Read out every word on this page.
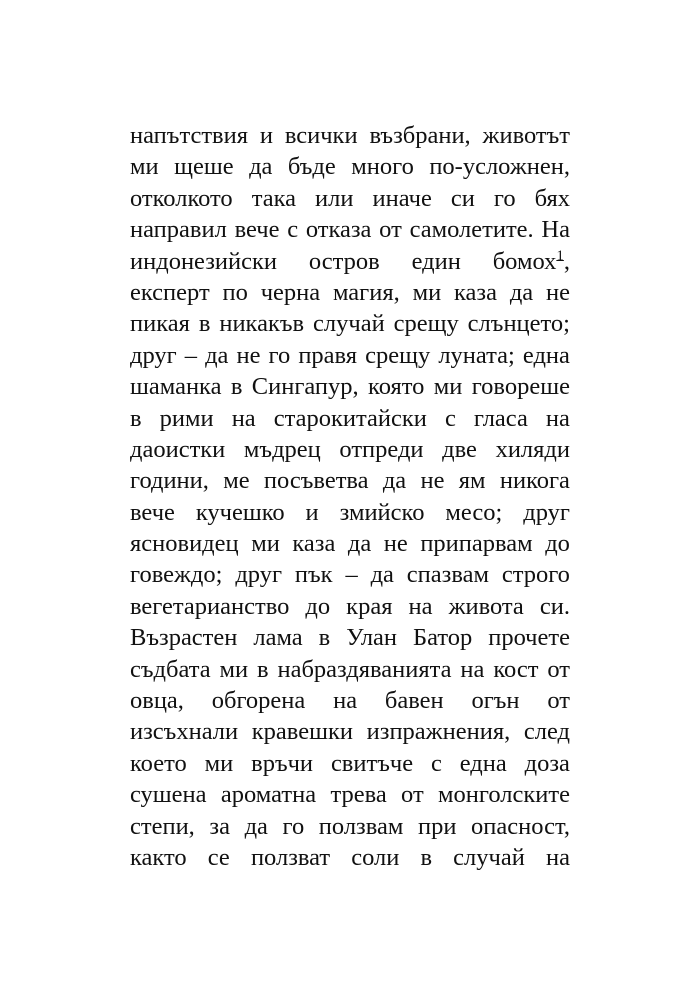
напътствия и всички възбрани, животът
ми щеше да бъде много по-усложнен,
отколкото така или иначе си го бях
направил вече с отказа от самолетите. На
индонезийски остров един бомох$^1$,
експерт по черна магия, ми каза да не
пикая в никакъв случай срещу слънцето;
друг – да не го правя срещу луната; една
шаманка в Сингапур, която ми говореше
в рими на старокитайски с гласа на
даоистки мъдрец отпреди две хиляди
години, ме посъветва да не ям никога
вече кучешко и змийско месо; друг
ясновидец ми каза да не припарвам до
говеждо; друг пък – да спазвам строго
вегетарианство до края на живота си.
Възрастен лама в Улан Батор прочете
съдбата ми в набраздяванията на кост от
овца, обгорена на бавен огън от
изсъхнали кравешки изпражнения, след
което ми връчи свитъче с една доза
сушена ароматна трева от монголските
степи, за да го ползвам при опасност,
както се ползват соли в случай на
